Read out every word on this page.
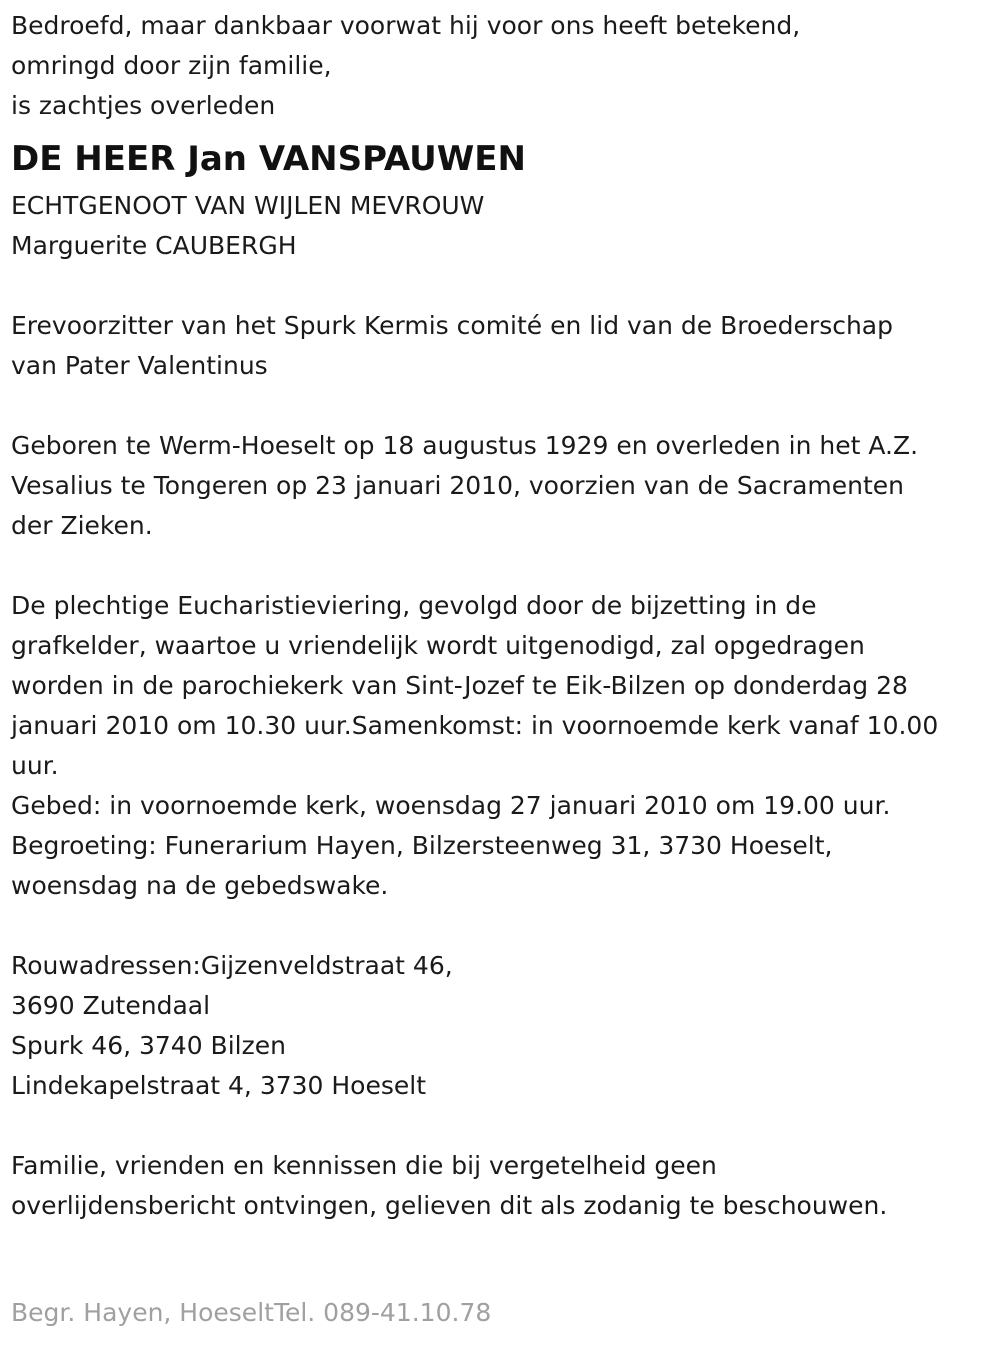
Bedroefd, maar dankbaar voorwat hij voor ons heeft betekend,

omringd door zijn familie,

is zachtjes overleden

DE HEER Jan VANSPAUWEN

ECHTGENOOT VAN WIJLEN MEVROUW

Marguerite CAUBERGH

Erevoorzitter van het Spurk Kermis comité en lid van de Broederschap

van Pater Valentinus

Geboren te Werm-Hoeselt op 18 augustus 1929 en overleden in het A.Z.

Vesalius te Tongeren op 23 januari 2010, voorzien van de Sacramenten

der Zieken.

De plechtige Eucharistieviering, gevolgd door de bijzetting in de

grafkelder, waartoe u vriendelijk wordt uitgenodigd, zal opgedragen

worden in de parochiekerk van Sint-Jozef te Eik-Bilzen op donderdag 28

januari 2010 om 10.30 uur.Samenkomst: in voornoemde kerk vanaf 10.00

uur.

Gebed: in voornoemde kerk, woensdag 27 januari 2010 om 19.00 uur.

Begroeting: Funerarium Hayen, Bilzersteenweg 31, 3730 Hoeselt,

woensdag na de gebedswake.

Rouwadressen:Gijzenveldstraat 46,

3690 Zutendaal

Spurk 46, 3740 Bilzen

Lindekapelstraat 4, 3730 Hoeselt

Familie, vrienden en kennissen die bij vergetelheid geen

overlijdensbericht ontvingen, gelieven dit als zodanig te beschouwen.

Begr. Hayen, HoeseltTel. 089-41.10.78
